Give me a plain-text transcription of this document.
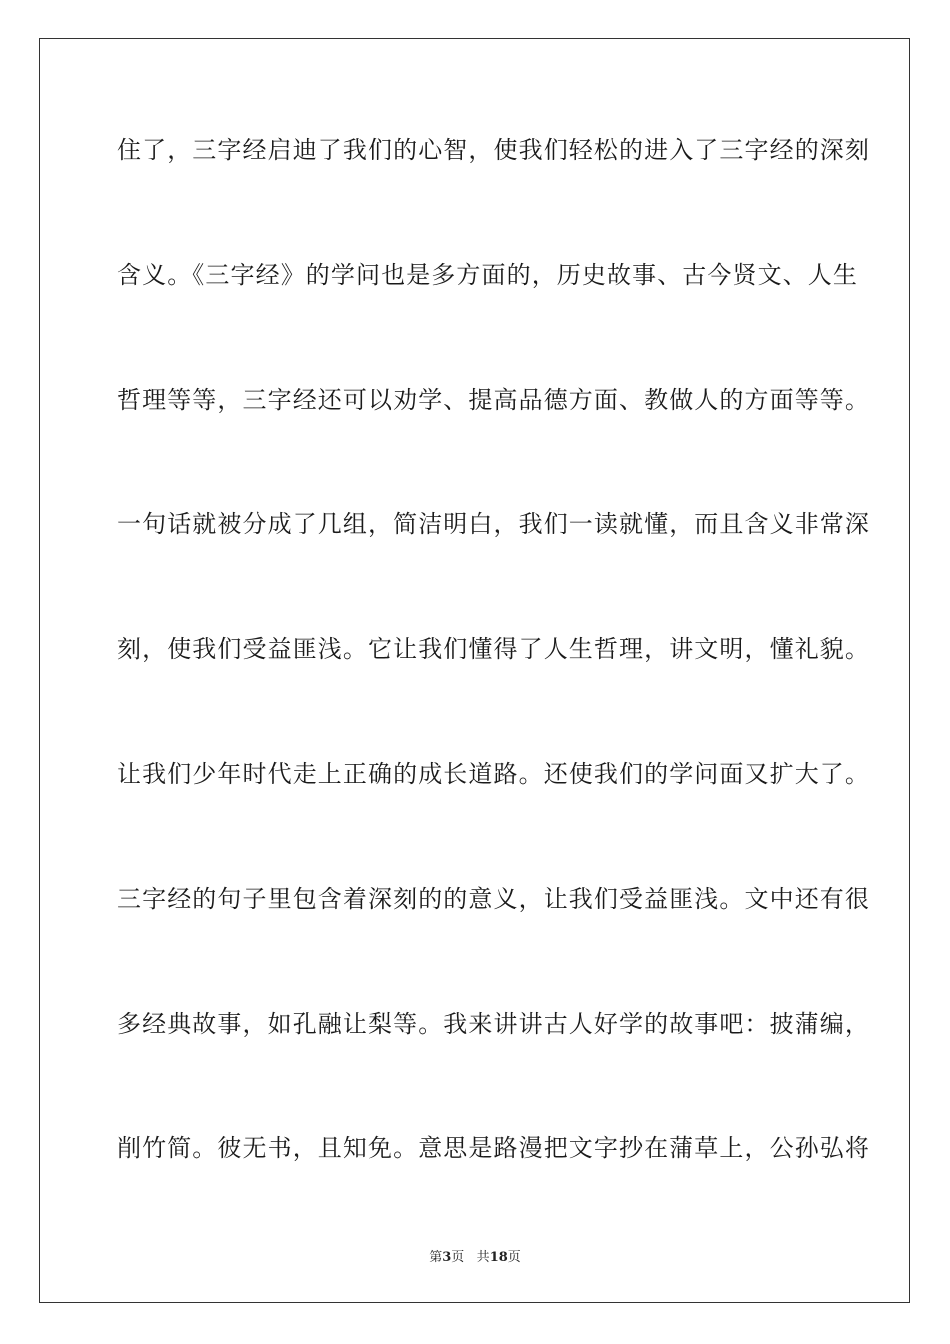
住了，三字经启迪了我们的心智，使我们轻松的进入了三字经的深刻
含义。《三字经》的学问也是多方面的，历史故事、古今贤文、人生
哲理等等，三字经还可以劝学、提高品德方面、教做人的方面等等。
一句话就被分成了几组，简洁明白，我们一读就懂，而且含义非常深
刻，使我们受益匪浅。它让我们懂得了人生哲理，讲文明，懂礼貌。
让我们少年时代走上正确的成长道路。还使我们的学问面又扩大了。
三字经的句子里包含着深刻的的意义，让我们受益匪浅。文中还有很
多经典故事，如孔融让梨等。我来讲讲古人好学的故事吧：披蒲编，
削竹简。彼无书，且知免。意思是路漫把文字抄在蒲草上，公孙弘将
第3页 共18页
